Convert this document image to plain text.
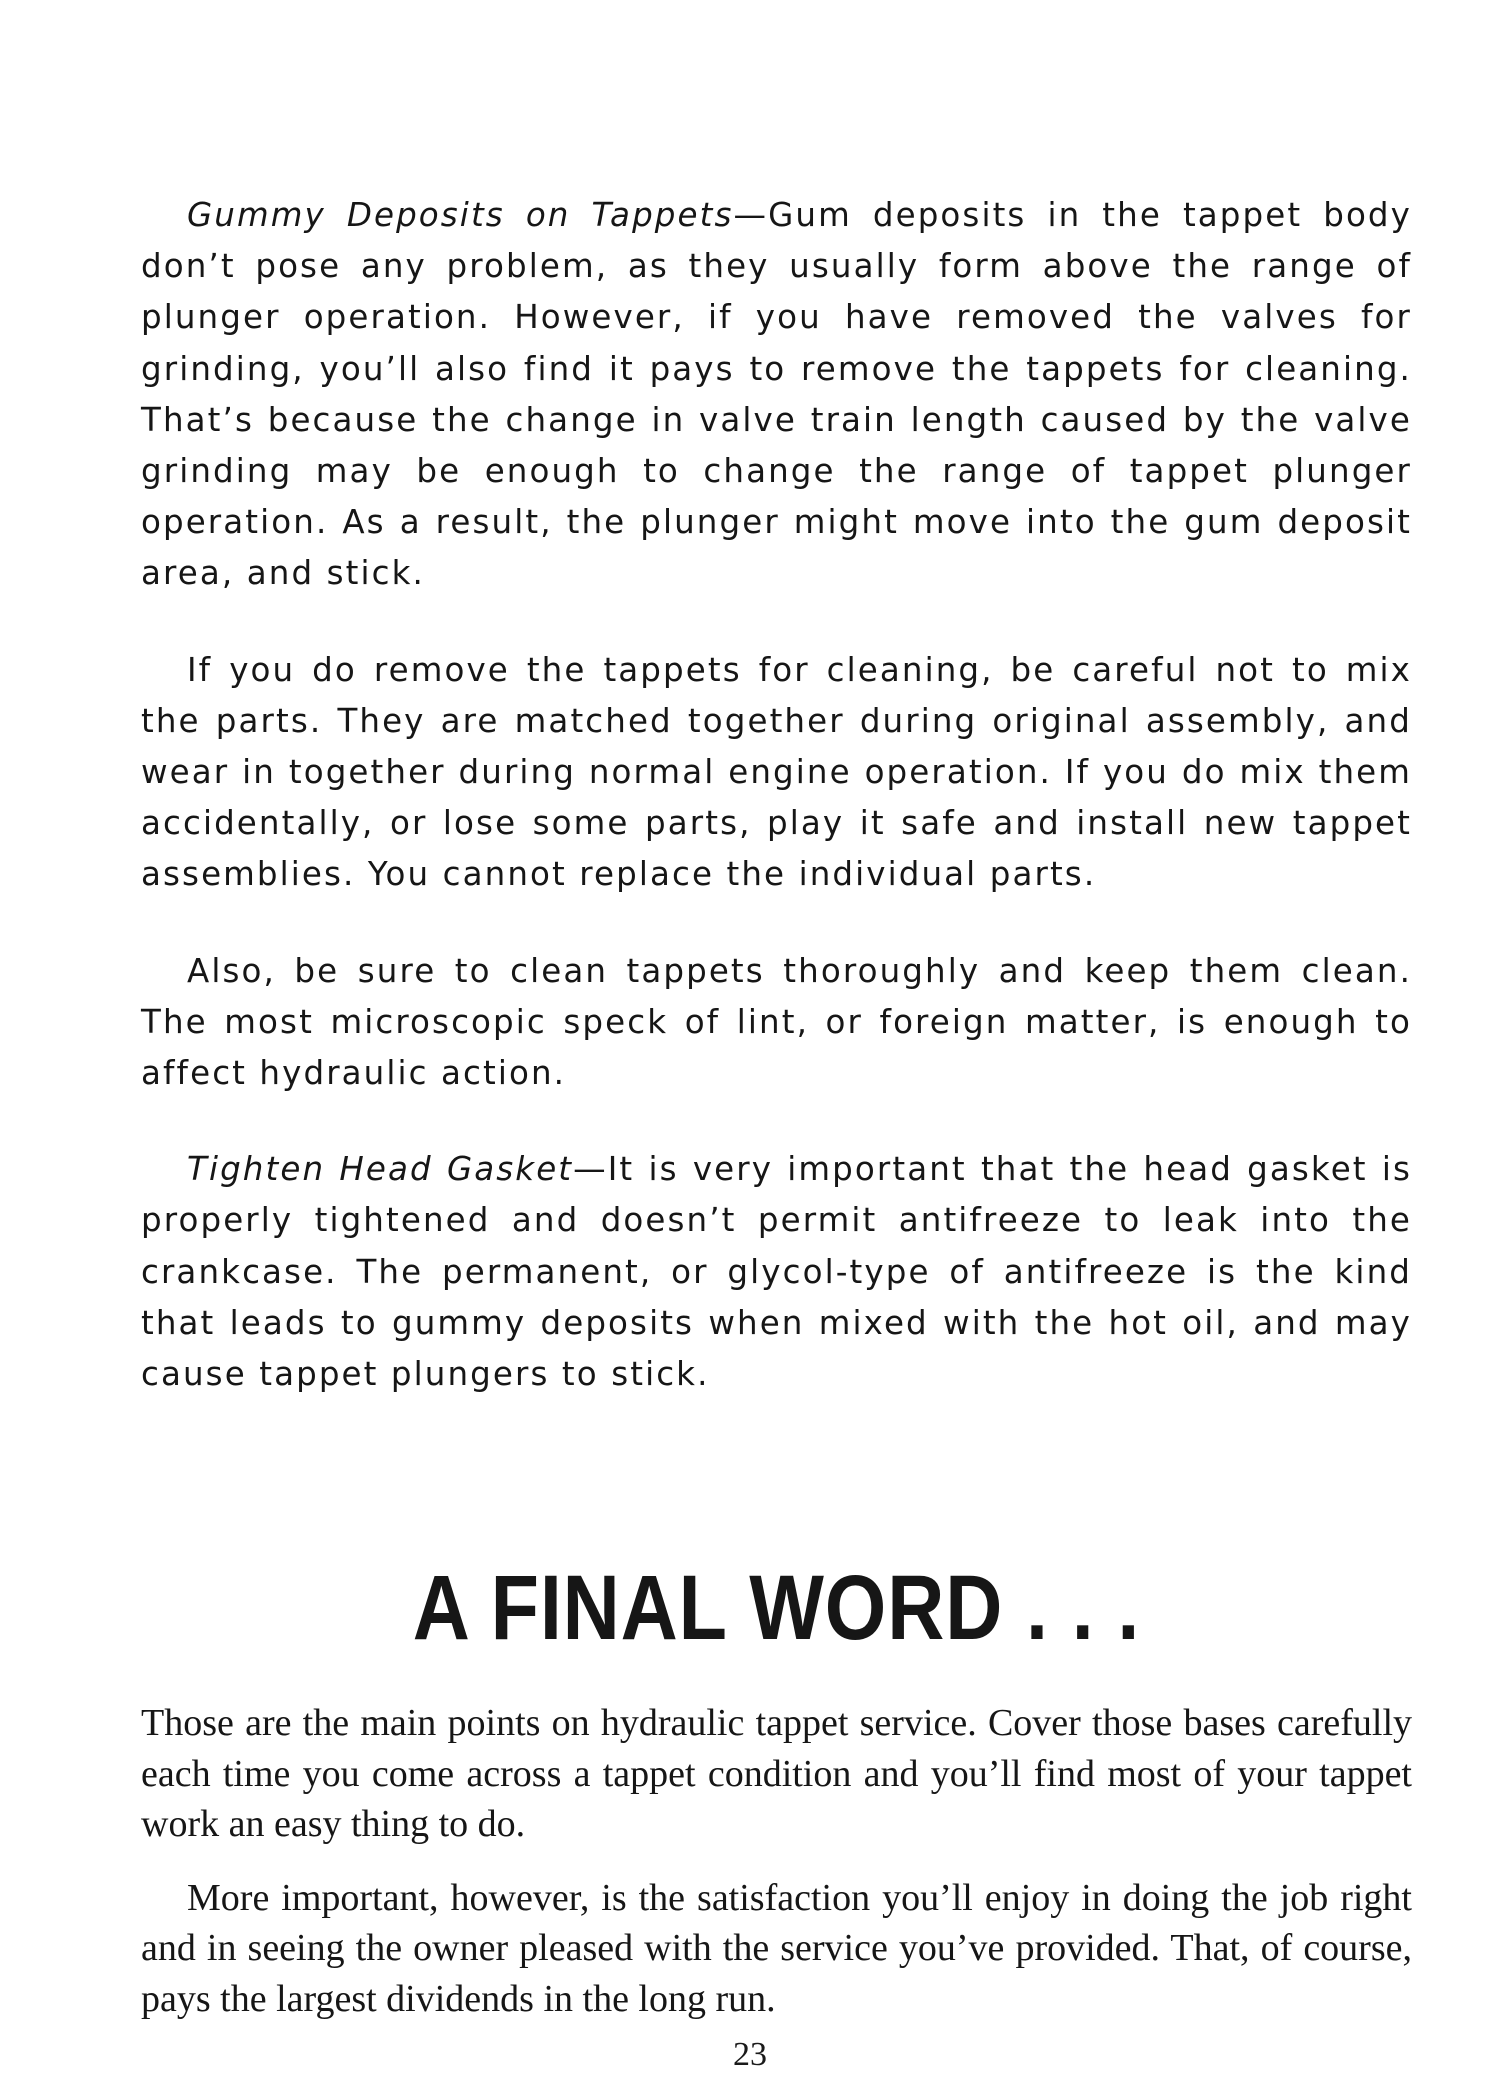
Gummy Deposits on Tappets—Gum deposits in the tappet body don’t pose any problem, as they usually form above the range of plunger operation. However, if you have removed the valves for grinding, you’ll also find it pays to remove the tappets for cleaning. That’s because the change in valve train length caused by the valve grinding may be enough to change the range of tappet plunger operation. As a result, the plunger might move into the gum deposit area, and stick.

If you do remove the tappets for cleaning, be careful not to mix the parts. They are matched together during original assembly, and wear in together during normal engine operation. If you do mix them accidentally, or lose some parts, play it safe and install new tappet assemblies. You cannot replace the individual parts.

Also, be sure to clean tappets thoroughly and keep them clean. The most microscopic speck of lint, or foreign matter, is enough to affect hydraulic action.

Tighten Head Gasket—It is very important that the head gasket is properly tightened and doesn’t permit antifreeze to leak into the crankcase. The permanent, or glycol-type of antifreeze is the kind that leads to gummy deposits when mixed with the hot oil, and may cause tappet plungers to stick.

A FINAL WORD . . .

Those are the main points on hydraulic tappet service. Cover those bases carefully each time you come across a tappet condition and you’ll find most of your tappet work an easy thing to do.

More important, however, is the satisfaction you’ll enjoy in doing the job right and in seeing the owner pleased with the service you’ve provided. That, of course, pays the largest dividends in the long run.

23
